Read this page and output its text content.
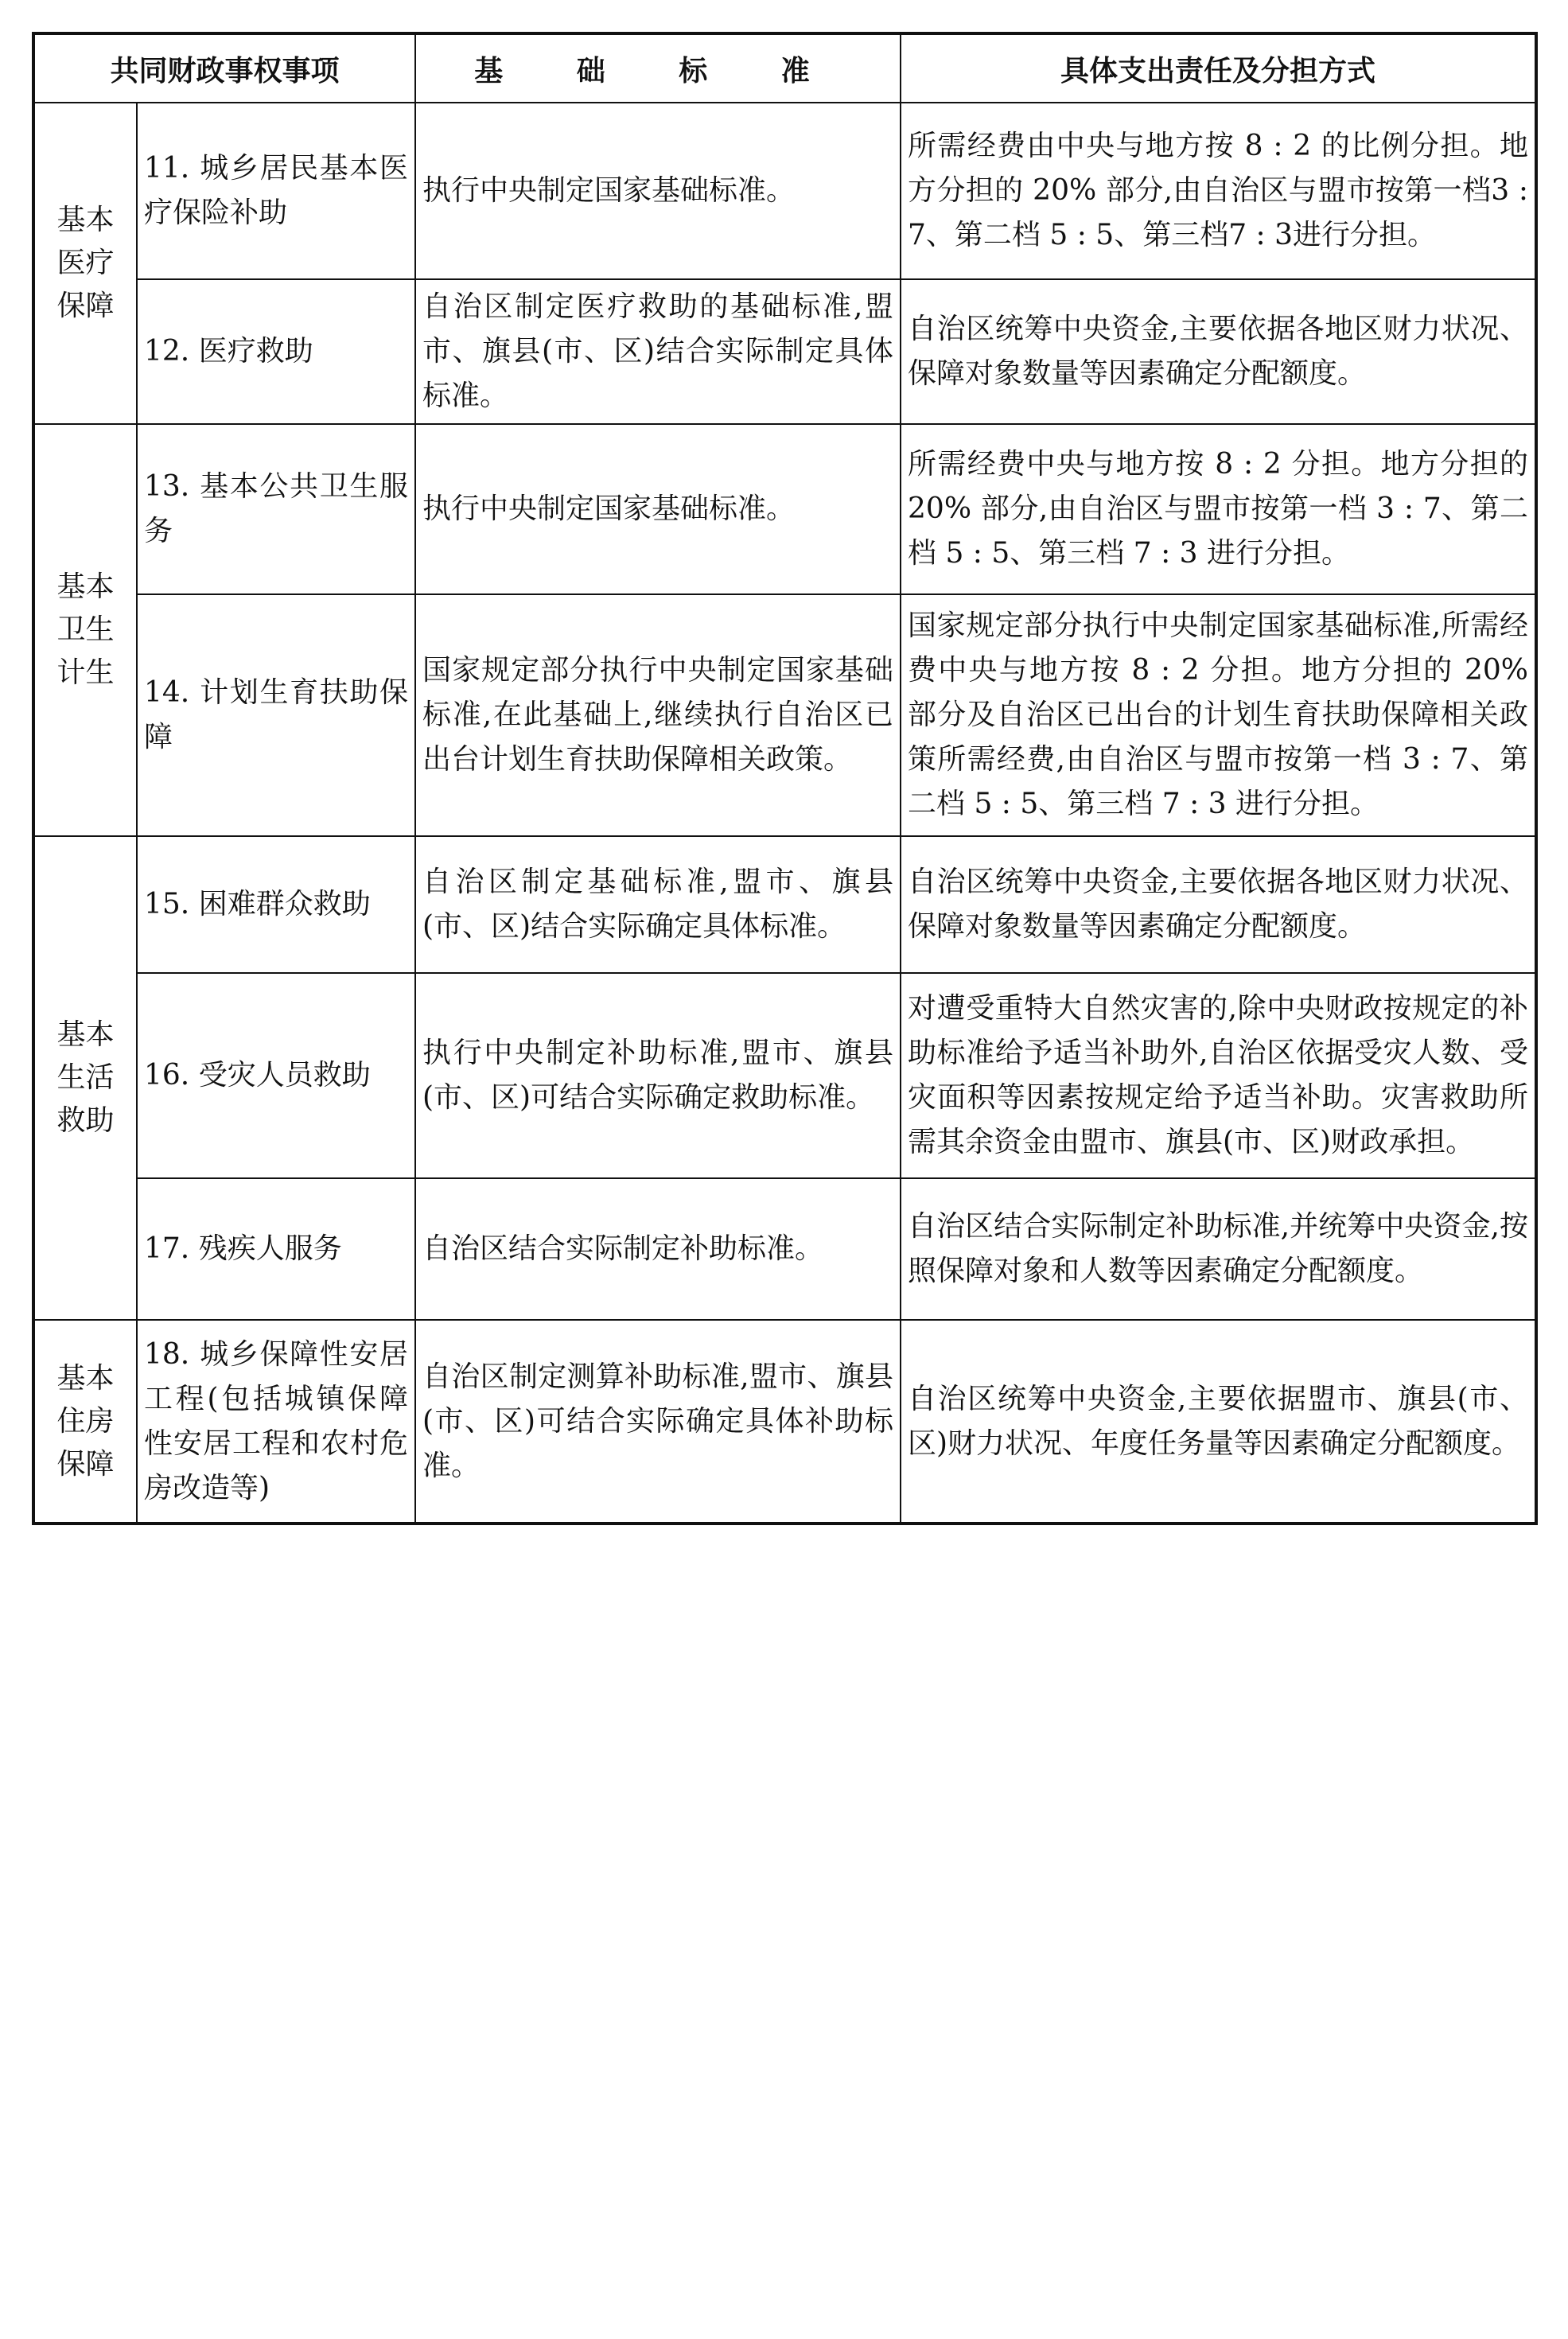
共同财政事权事项		基 础 标 准	具体支出责任及分担方式
基本医疗保障	11. 城乡居民基本医疗保险补助	执行中央制定国家基础标准。	所需经费由中央与地方按 8 : 2 的比例分担。地方分担的 20% 部分,由自治区与盟市按第一档3 : 7、第二档 5 : 5、第三档7 : 3进行分担。
	12. 医疗救助	自治区制定医疗救助的基础标准,盟市、旗县(市、区)结合实际制定具体标准。	自治区统筹中央资金,主要依据各地区财力状况、保障对象数量等因素确定分配额度。
基本卫生计生	13. 基本公共卫生服务	执行中央制定国家基础标准。	所需经费中央与地方按 8 : 2 分担。地方分担的 20% 部分,由自治区与盟市按第一档 3 : 7、第二档 5 : 5、第三档 7 : 3 进行分担。
	14. 计划生育扶助保障	国家规定部分执行中央制定国家基础标准,在此基础上,继续执行自治区已出台计划生育扶助保障相关政策。	国家规定部分执行中央制定国家基础标准,所需经费中央与地方按 8 : 2 分担。地方分担的 20% 部分及自治区已出台的计划生育扶助保障相关政策所需经费,由自治区与盟市按第一档 3 : 7、第二档 5 : 5、第三档 7 : 3 进行分担。
基本生活救助	15. 困难群众救助	自治区制定基础标准,盟市、旗县(市、区)结合实际确定具体标准。	自治区统筹中央资金,主要依据各地区财力状况、保障对象数量等因素确定分配额度。
	16. 受灾人员救助	执行中央制定补助标准,盟市、旗县(市、区)可结合实际确定救助标准。	对遭受重特大自然灾害的,除中央财政按规定的补助标准给予适当补助外,自治区依据受灾人数、受灾面积等因素按规定给予适当补助。灾害救助所需其余资金由盟市、旗县(市、区)财政承担。
	17. 残疾人服务	自治区结合实际制定补助标准。	自治区结合实际制定补助标准,并统筹中央资金,按照保障对象和人数等因素确定分配额度。
基本住房保障	18. 城乡保障性安居工程(包括城镇保障性安居工程和农村危房改造等)	自治区制定测算补助标准,盟市、旗县(市、区)可结合实际确定具体补助标准。	自治区统筹中央资金,主要依据盟市、旗县(市、区)财力状况、年度任务量等因素确定分配额度。
